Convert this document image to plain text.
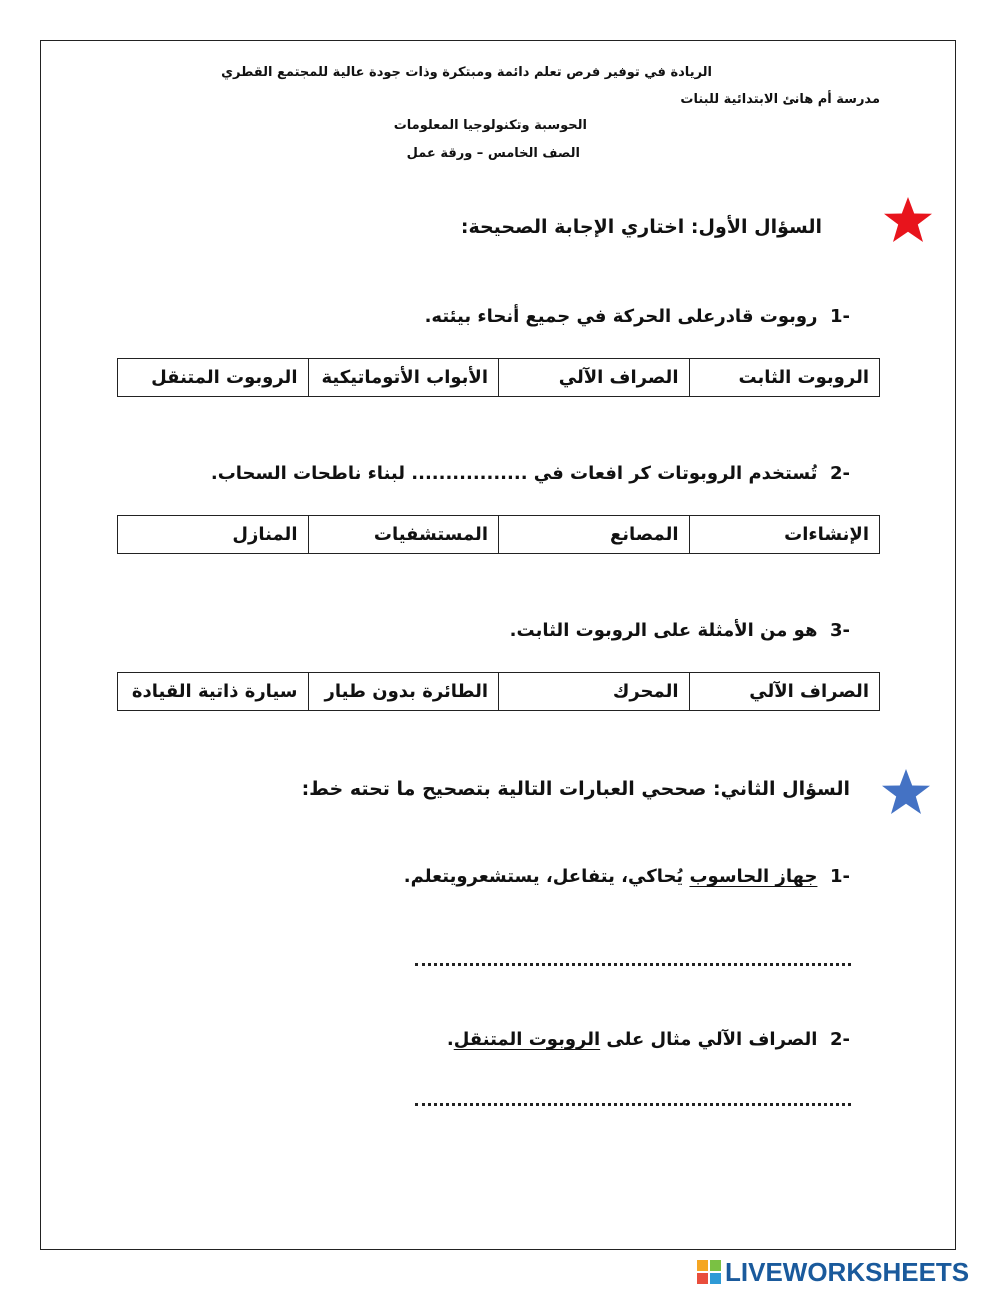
الريادة في توفير فرص تعلم دائمة ومبتكرة وذات جودة عالية للمجتمع القطري
مدرسة أم هانئ الابتدائية للبنات
الحوسبة وتكنولوجيا المعلومات
الصف الخامس – ورقة عمل
السؤال الأول: اختاري الإجابة الصحيحة:
-1  روبوت قادرعلى الحركة في جميع أنحاء بيئته.
الروبوت الثابت	الصراف الآلي	الأبواب الأتوماتيكية	الروبوت المتنقل
-2  تُستخدم الروبوتات كر افعات في ................. لبناء ناطحات السحاب.
الإنشاءات	المصانع	المستشفيات	المنازل
-3  هو من الأمثلة على الروبوت الثابت.
الصراف الآلي	المحرك	الطائرة بدون طيار	سيارة ذاتية القيادة
السؤال الثاني: صححي العبارات التالية بتصحيح ما تحته خط:
-1  جهاز الحاسوب يُحاكي، يتفاعل، يستشعرويتعلم.
-2  الصراف الآلي مثال على الروبوت المتنقل.
LIVEWORKSHEETS
